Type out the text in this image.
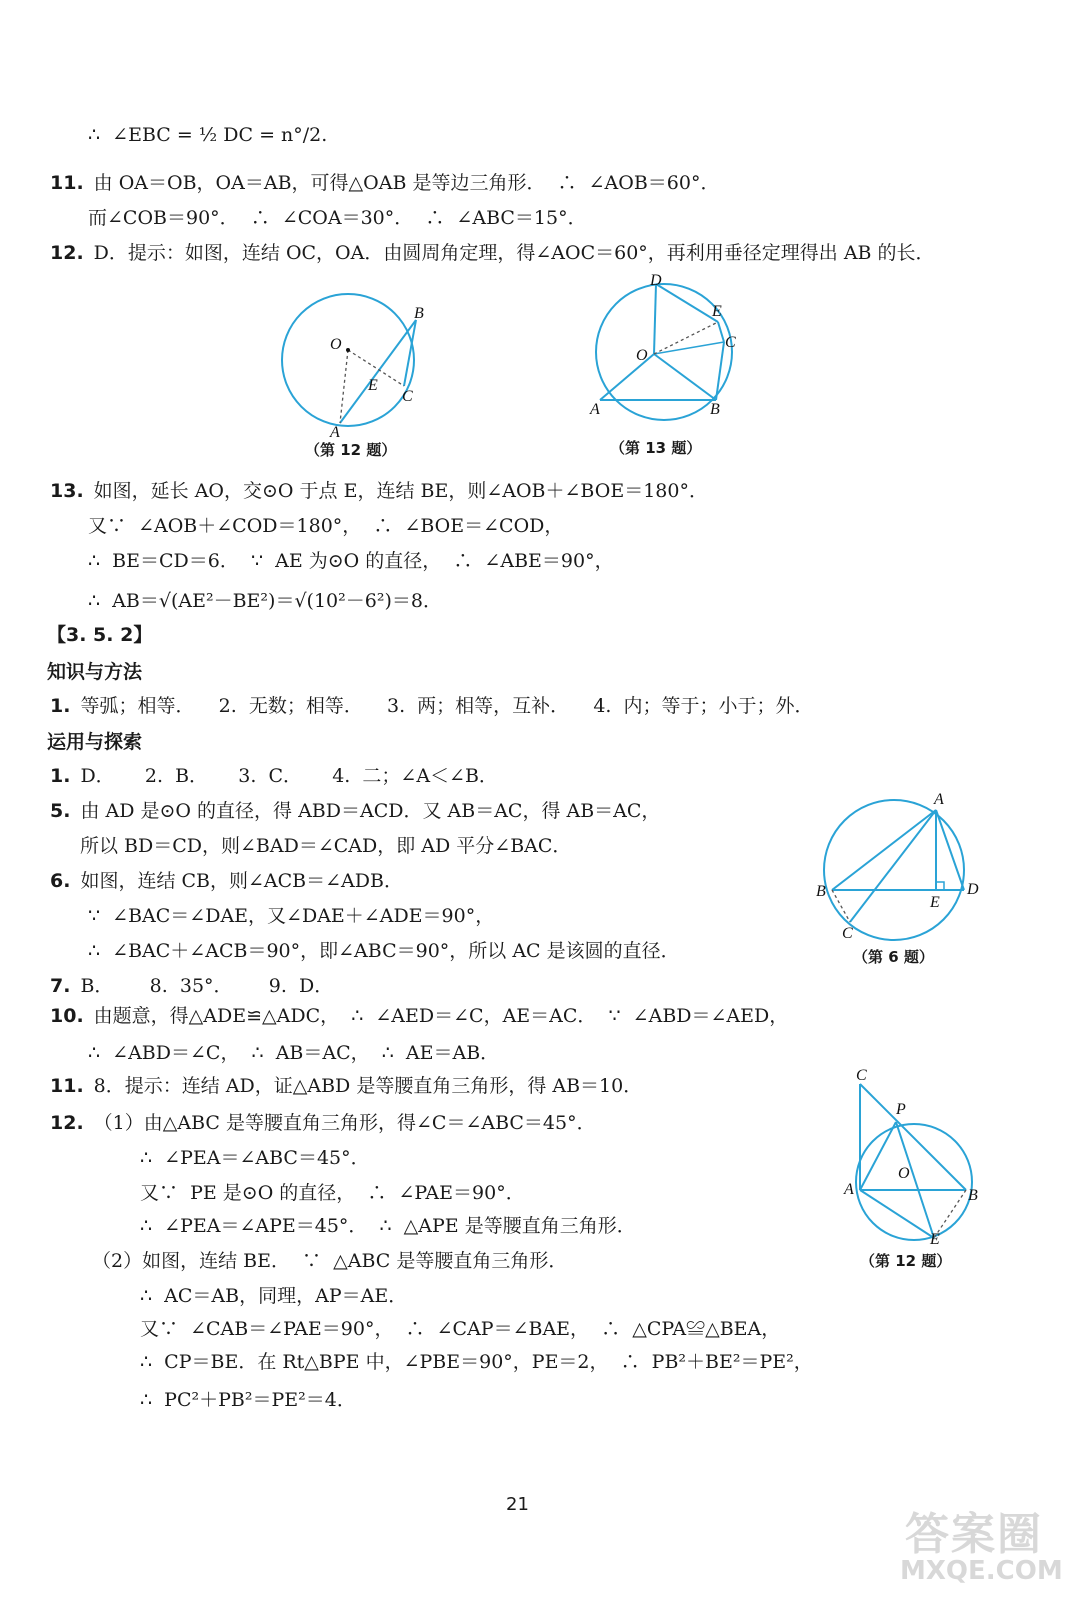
【3. 5. 2】
知识与方法
运用与探索
∴  ∠EBC = ½ DC = n°/2.
11. 由 OA＝OB，OA＝AB，可得△OAB 是等边三角形．  ∴  ∠AOB＝60°．
而∠COB＝90°．  ∴  ∠COA＝30°．  ∴  ∠ABC＝15°．
12. D．提示：如图，连结 OC，OA．由圆周角定理，得∠AOC＝60°，再利用垂径定理得出 AB 的长．
13. 如图，延长 AO，交⊙O 于点 E，连结 BE，则∠AOB＋∠BOE＝180°．
又∵  ∠AOB＋∠COD＝180°，  ∴  ∠BOE＝∠COD，
∴  BE＝CD＝6．  ∵  AE 为⊙O 的直径，  ∴  ∠ABE＝90°，
∴  AB＝√(AE²－BE²)＝√(10²－6²)＝8．
1. 等弧；相等．    2.  无数；相等．    3.  两；相等，互补．    4.  内；等于；小于；外．
1. D．     2.  B．     3.  C．     4.  二；∠A＜∠B．
5. 由 AD 是⊙O 的直径，得 ABD＝ACD．又 AB＝AC，得 AB＝AC，
所以 BD＝CD，则∠BAD＝∠CAD，即 AD 平分∠BAC．
6. 如图，连结 CB，则∠ACB＝∠ADB．
∵  ∠BAC＝∠DAE，又∠DAE＋∠ADE＝90°，
∴  ∠BAC＋∠ACB＝90°，即∠ABC＝90°，所以 AC 是该圆的直径．
7. B．      8.  35°．      9.  D．
10. 由题意，得△ADE≌△ADC，  ∴  ∠AED＝∠C，AE＝AC．  ∵  ∠ABD＝∠AED，
∴  ∠ABD＝∠C，  ∴  AB＝AC，  ∴  AE＝AB．
11. 8．提示：连结 AD，证△ABD 是等腰直角三角形，得 AB＝10．
12. （1）由△ABC 是等腰直角三角形，得∠C＝∠ABC＝45°．
∴  ∠PEA＝∠ABC＝45°．
又∵  PE 是⊙O 的直径，  ∴  ∠PAE＝90°．
∴  ∠PEA＝∠APE＝45°．  ∴  △APE 是等腰直角三角形．
（2）如图，连结 BE．  ∵  △ABC 是等腰直角三角形．
∴  AC＝AB，同理，AP＝AE．
又∵  ∠CAB＝∠PAE＝90°，  ∴  ∠CAP＝∠BAE，  ∴  △CPA≌△BEA，
∴  CP＝BE．在 Rt△BPE 中，∠PBE＝90°，PE＝2，  ∴  PB²＋BE²＝PE²，
∴  PC²＋PB²＝PE²＝4．
（第 12 题）	（第 13 题）
（第 6 题）
（第 12 题）
O
B
E
C
A
D
E
C
O
A	B
A
B	D
E
C
C
P
O
A	B
E
21
答案圈
MXQE.COM
